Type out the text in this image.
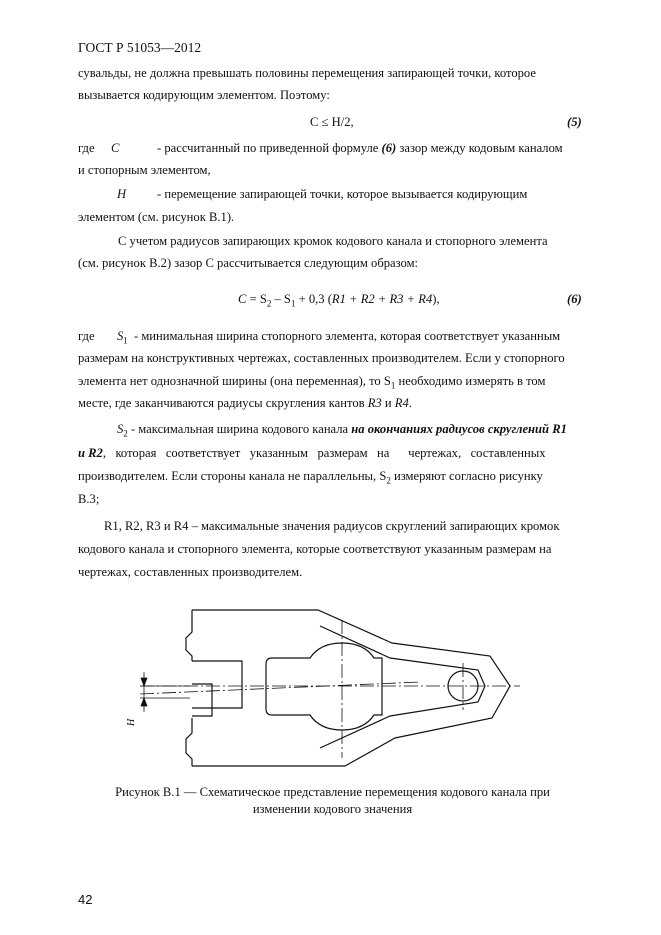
ГОСТ Р 51053—2012
сувальды, не должна превышать половины перемещения запирающей точки, которое
вызывается кодирующим элементом. Поэтому:
C ≤ H/2,	(5)
где C	- рассчитанный по приведенной формуле (6) зазор между кодовым каналом
и стопорным элементом,
H - перемещение запирающей точки, которое вызывается кодирующим
элементом (см. рисунок В.1).
С учетом радиусов запирающих кромок кодового канала и стопорного элемента
(см. рисунок В.2) зазор С рассчитывается следующим образом:
$C = S_2 - S_1 + 0,3$ (R1 + R2 + R3 + R4),	(6)
где $S_1$ - минимальная ширина стопорного элемента, которая соответствует указанным
размерам на конструктивных чертежах, составленных производителем. Если у стопорного
элемента нет однозначной ширины (она переменная), то $S_1$ необходимо измерять в том
месте, где заканчиваются радиусы скругления кантов R3 и R4.
$S_2$ - максимальная ширина кодового канала на окончаниях радиусов скруглений R1
и R2,   которая   соответствует   указанным   размерам   на      чертежах,   составленных
производителем. Если стороны канала не параллельны, $S_2$ измеряют согласно рисунку
В.3;
R1, R2, R3 и R4 – максимальные значения радиусов скруглений запирающих кромок
кодового канала и стопорного элемента, которые соответствуют указанным размерам на
чертежах, составленных производителем.
H
Рисунок В.1 — Схематическое представление перемещения кодового канала при
изменении кодового значения
42
